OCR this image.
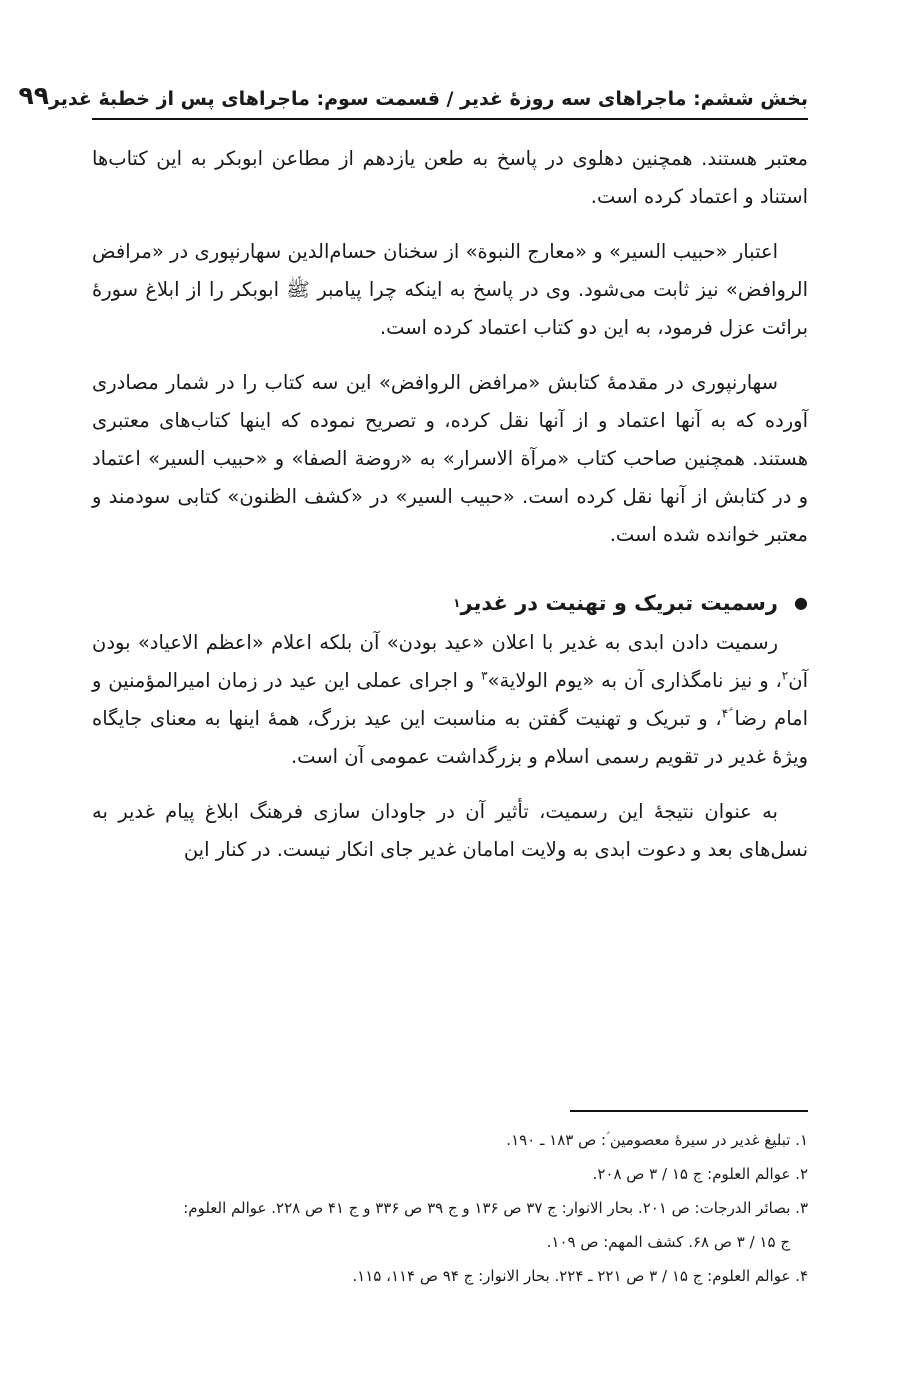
بخش ششم: ماجراهای سه روزهٔ غدیر / قسمت سوم: ماجراهای پس از خطبهٔ غدیر
۹۹

معتبر هستند. همچنین دهلوی در پاسخ به طعن یازدهم از مطاعن ابوبکر به این کتاب‌ها استناد و اعتماد کرده است.

اعتبار «حبیب السیر» و «معارج النبوة» از سخنان حسام‌الدین سهارنپوری در «مرافض الروافض» نیز ثابت می‌شود. وی در پاسخ به اینکه چرا پیامبر ﷺ ابوبکر را از ابلاغ سورهٔ برائت عزل فرمود، به این دو کتاب اعتماد کرده است.

سهارنپوری در مقدمهٔ کتابش «مرافض الروافض» این سه کتاب را در شمار مصادری آورده که به آنها اعتماد و از آنها نقل کرده، و تصریح نموده که اینها کتاب‌های معتبری هستند. همچنین صاحب کتاب «مرآة الاسرار» به «روضة الصفا» و «حبیب السیر» اعتماد و در کتابش از آنها نقل کرده است. «حبیب السیر» در «کشف الظنون» کتابی سودمند و معتبر خوانده شده است.

●
رسمیت تبریک و تهنیت در غدیر
۱

رسمیت دادن ابدی به غدیر با اعلان «عید بودن» آن بلکه اعلام «اعظم الاعیاد» بودن آن$^۲$، و نیز نامگذاری آن به «یوم الولایة»$^۳$ و اجرای عملی این عید در زمان امیرالمؤمنین و امام رضا ؑ$^۴$، و تبریک و تهنیت گفتن به مناسبت این عید بزرگ، همهٔ اینها به معنای جایگاه ویژهٔ غدیر در تقویم رسمی اسلام و بزرگداشت عمومی آن است.

به عنوان نتیجهٔ این رسمیت، تأثیر آن در جاودان سازی فرهنگ ابلاغ پیام غدیر به نسل‌های بعد و دعوت ابدی به ولایت امامان غدیر جای انکار نیست. در کنار این

۱. تبلیغ غدیر در سیرهٔ معصومین ؑ: ص ۱۸۳ ـ ۱۹۰.

۲. عوالم العلوم: ج ۱۵ / ۳ ص ۲۰۸.

۳. بصائر الدرجات: ص ۲۰۱. بحار الانوار: ج ۳۷ ص ۱۳۶ و ج ۳۹ ص ۳۳۶ و ج ۴۱ ص ۲۲۸. عوالم العلوم:

ج ۱۵ / ۳ ص ۶۸. کشف المهم: ص ۱۰۹.

۴. عوالم العلوم: ج ۱۵ / ۳ ص ۲۲۱ ـ ۲۲۴. بحار الانوار: ج ۹۴ ص ۱۱۴، ۱۱۵.
